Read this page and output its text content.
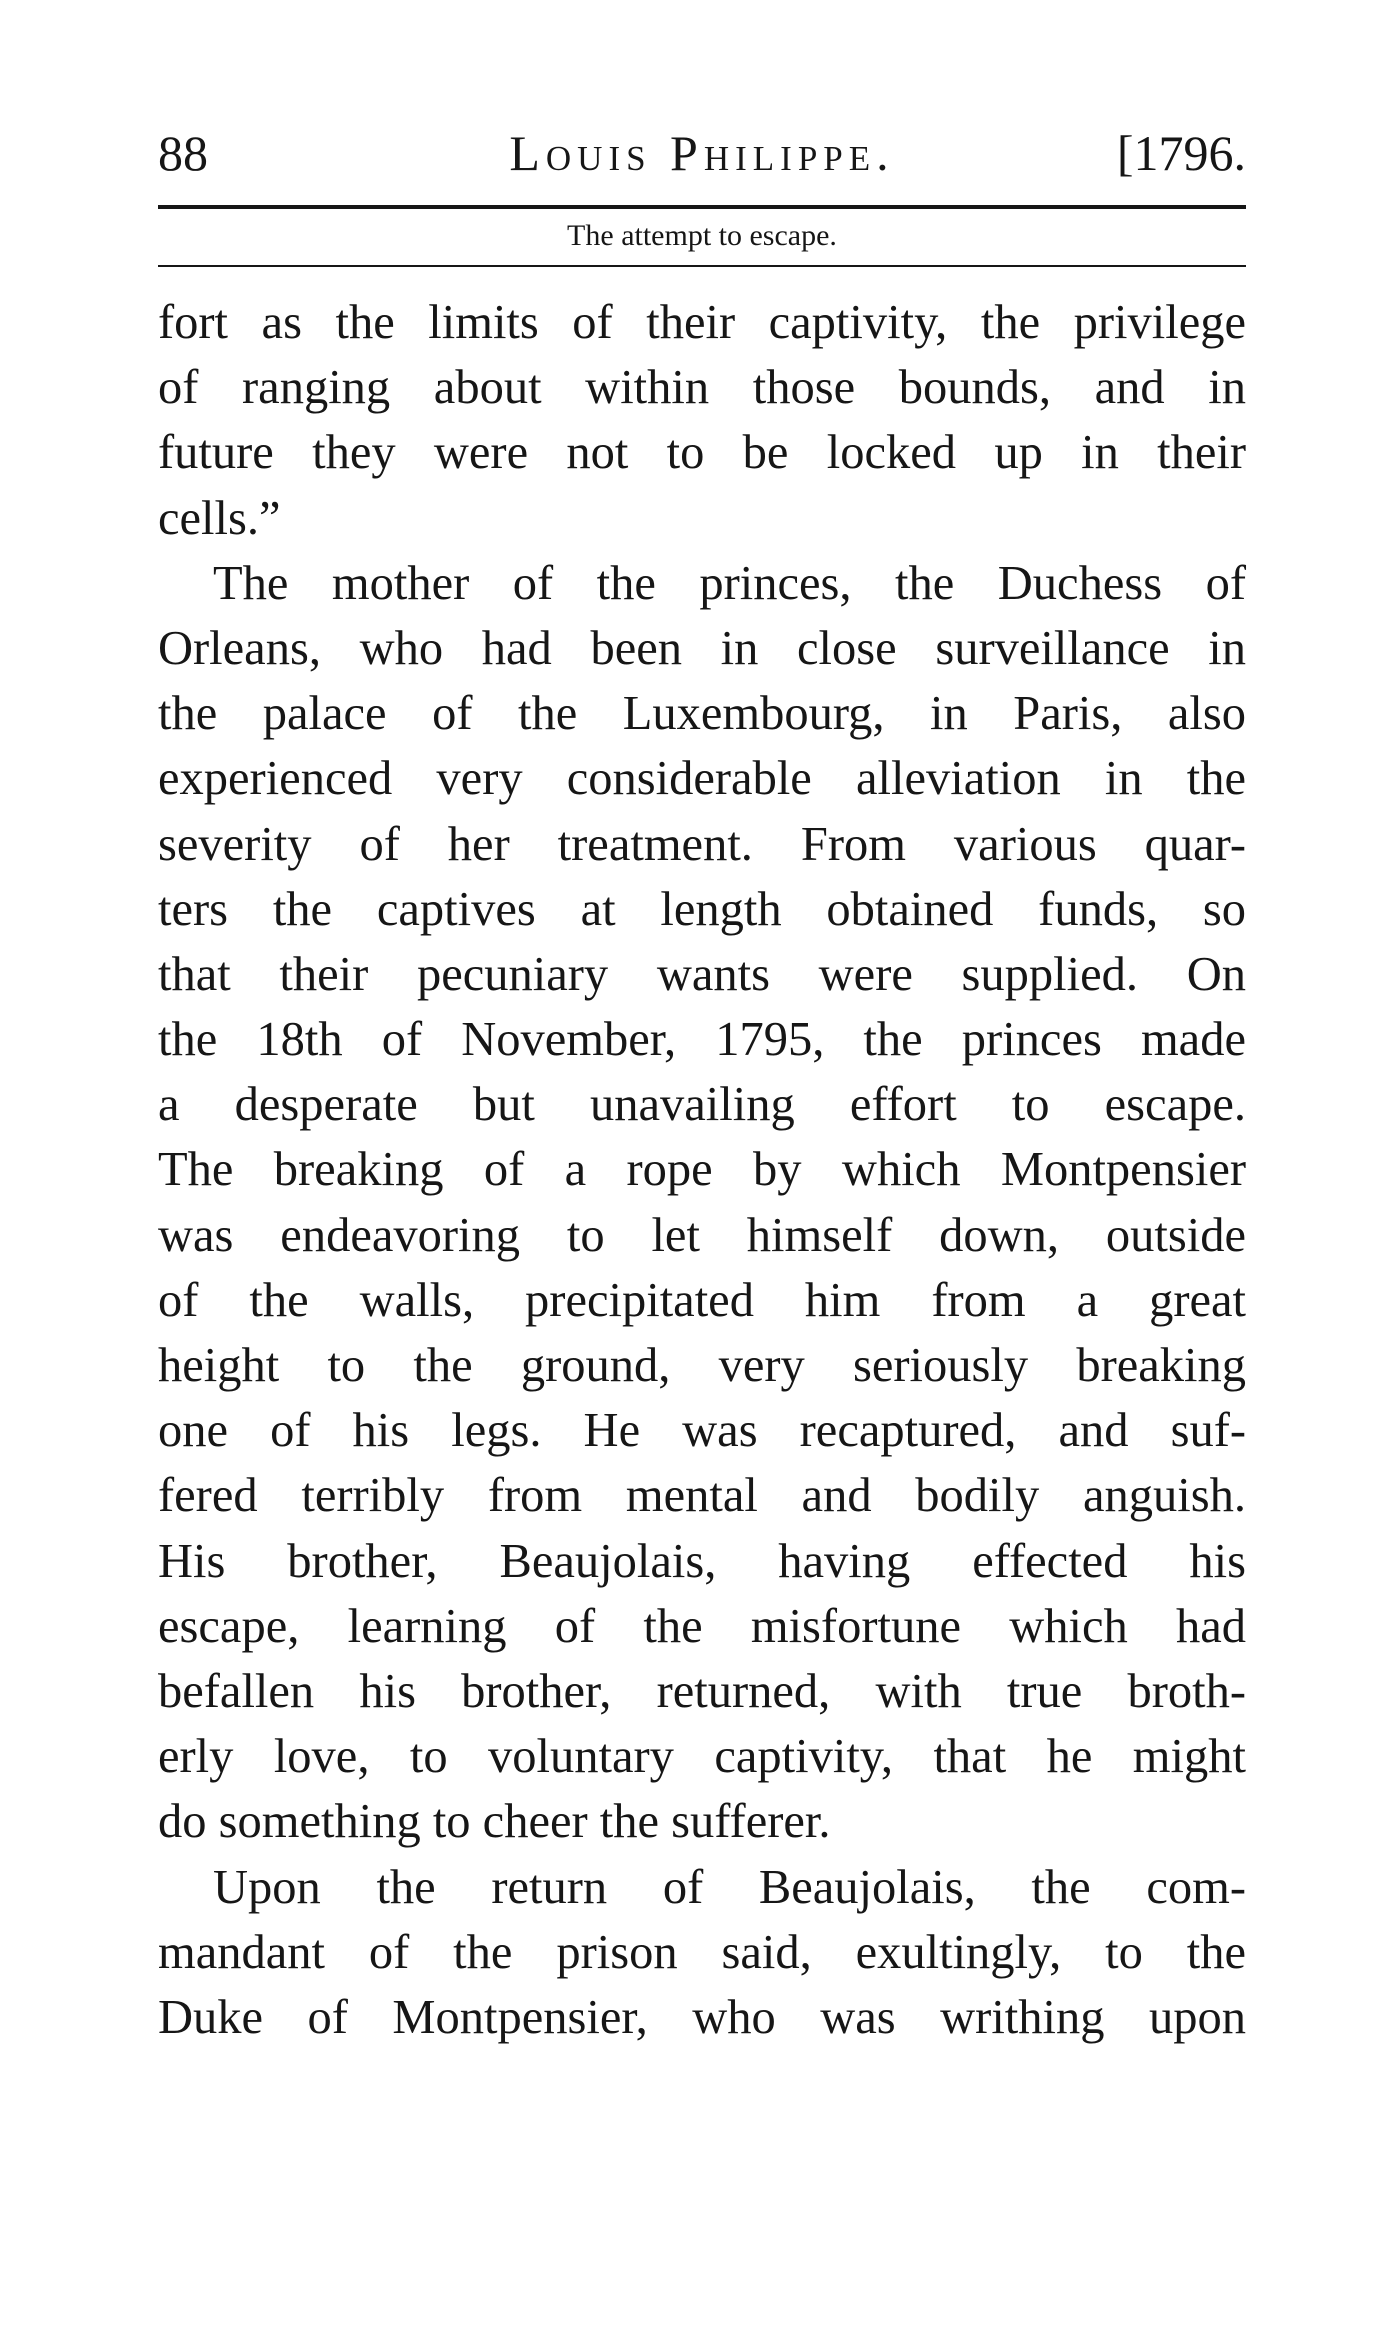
88	Louis Philippe.	[1796.
The attempt to escape.
fort as the limits of their captivity, the privilege
of ranging about within those bounds, and in
future they were not to be locked up in their
cells.”
The mother of the princes, the Duchess of
Orleans, who had been in close surveillance in
the palace of the Luxembourg, in Paris, also
experienced very considerable alleviation in the
severity of her treatment. From various quar-
ters the captives at length obtained funds, so
that their pecuniary wants were supplied. On
the 18th of November, 1795, the princes made
a desperate but unavailing effort to escape.
The breaking of a rope by which Montpensier
was endeavoring to let himself down, outside
of the walls, precipitated him from a great
height to the ground, very seriously breaking
one of his legs. He was recaptured, and suf-
fered terribly from mental and bodily anguish.
His brother, Beaujolais, having effected his
escape, learning of the misfortune which had
befallen his brother, returned, with true broth-
erly love, to voluntary captivity, that he might
do something to cheer the sufferer.
Upon the return of Beaujolais, the com-
mandant of the prison said, exultingly, to the
Duke of Montpensier, who was writhing upon
